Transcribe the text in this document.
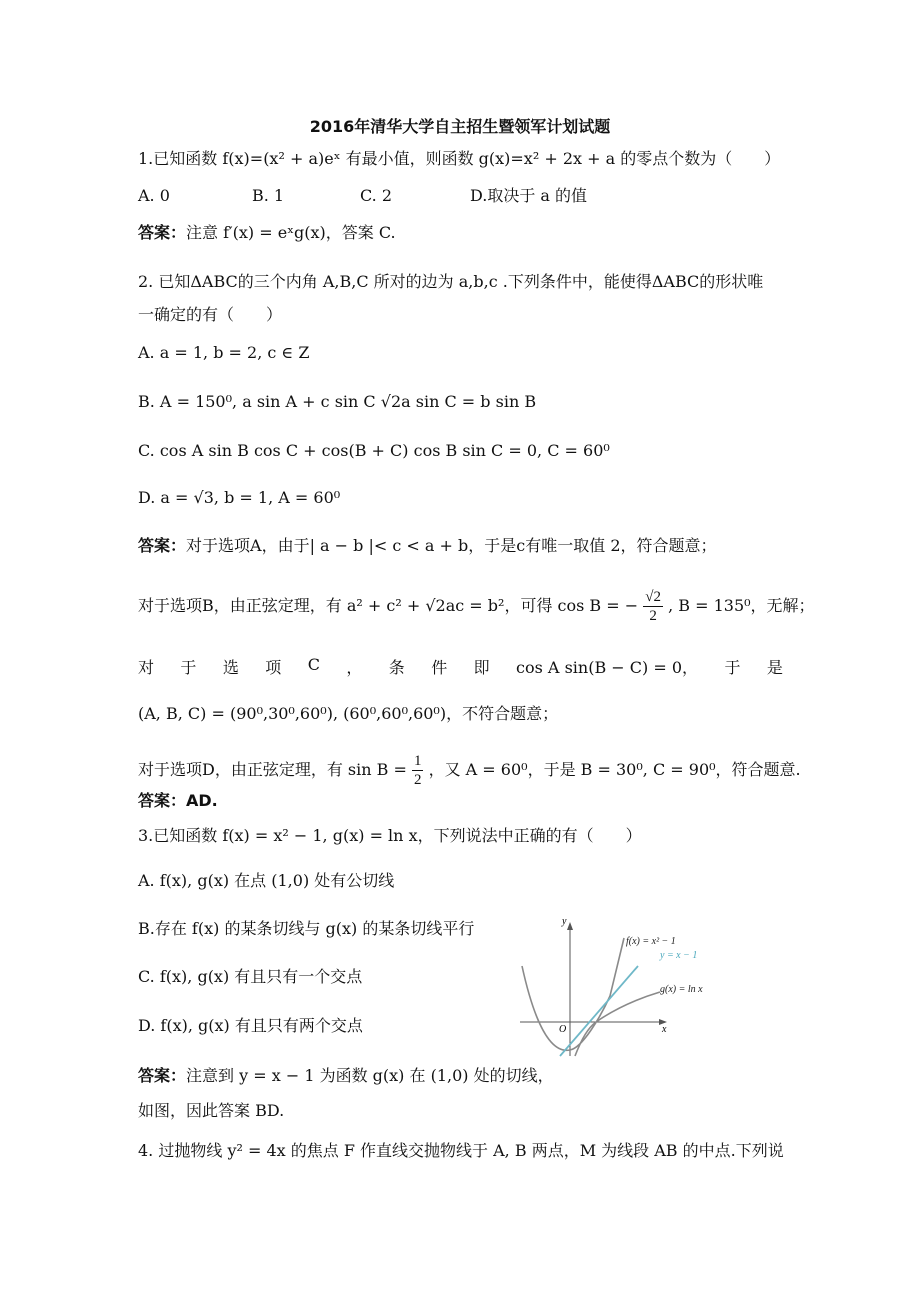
2016年清华大学自主招生暨领军计划试题
1.已知函数 f(x)=(x² + a)eˣ 有最小值，则函数 g(x)=x² + 2x + a 的零点个数为（　　）
A. 0	B. 1	C. 2	D.取决于 a 的值
答案：注意 f′(x) = eˣg(x)，答案 C.
2. 已知ΔABC的三个内角 A,B,C 所对的边为 a,b,c .下列条件中，能使得ΔABC的形状唯
一确定的有（　　）
A. a = 1, b = 2, c ∈ Z
B. A = 150⁰, a sin A + c sin C √2a sin C = b sin B
C. cos A sin B cos C + cos(B + C) cos B sin C = 0, C = 60⁰
D. a = √3, b = 1, A = 60⁰
答案：对于选项A，由于| a − b |< c < a + b，于是c有唯一取值 2，符合题意；
对于选项B，由正弦定理，有 a² + c² + √2ac = b²，可得 cos B = − $\frac{√2}{2}$ , B = 135⁰，无解；
对 于 选 项 C ， 条 件 即 cos A sin(B − C) = 0， 于 是
(A, B, C) = (90⁰,30⁰,60⁰), (60⁰,60⁰,60⁰)，不符合题意；
对于选项D，由正弦定理，有 $\sin B = \frac{1}{2}$ ，又 A = 60⁰，于是 B = 30⁰, C = 90⁰，符合题意.
答案：AD.
3.已知函数 f(x) = x² − 1, g(x) = ln x，下列说法中正确的有（　　）
A. f(x), g(x) 在点 (1,0) 处有公切线
B.存在 f(x) 的某条切线与 g(x) 的某条切线平行
C. f(x), g(x) 有且只有一个交点
D. f(x), g(x) 有且只有两个交点
答案：注意到 y = x − 1 为函数 g(x) 在 (1,0) 处的切线，
如图，因此答案 BD.
y
x
O
f(x) = x² − 1
y = x − 1
g(x) = ln x
4. 过抛物线 y² = 4x 的焦点 F 作直线交抛物线于 A, B 两点，M 为线段 AB 的中点.下列说
